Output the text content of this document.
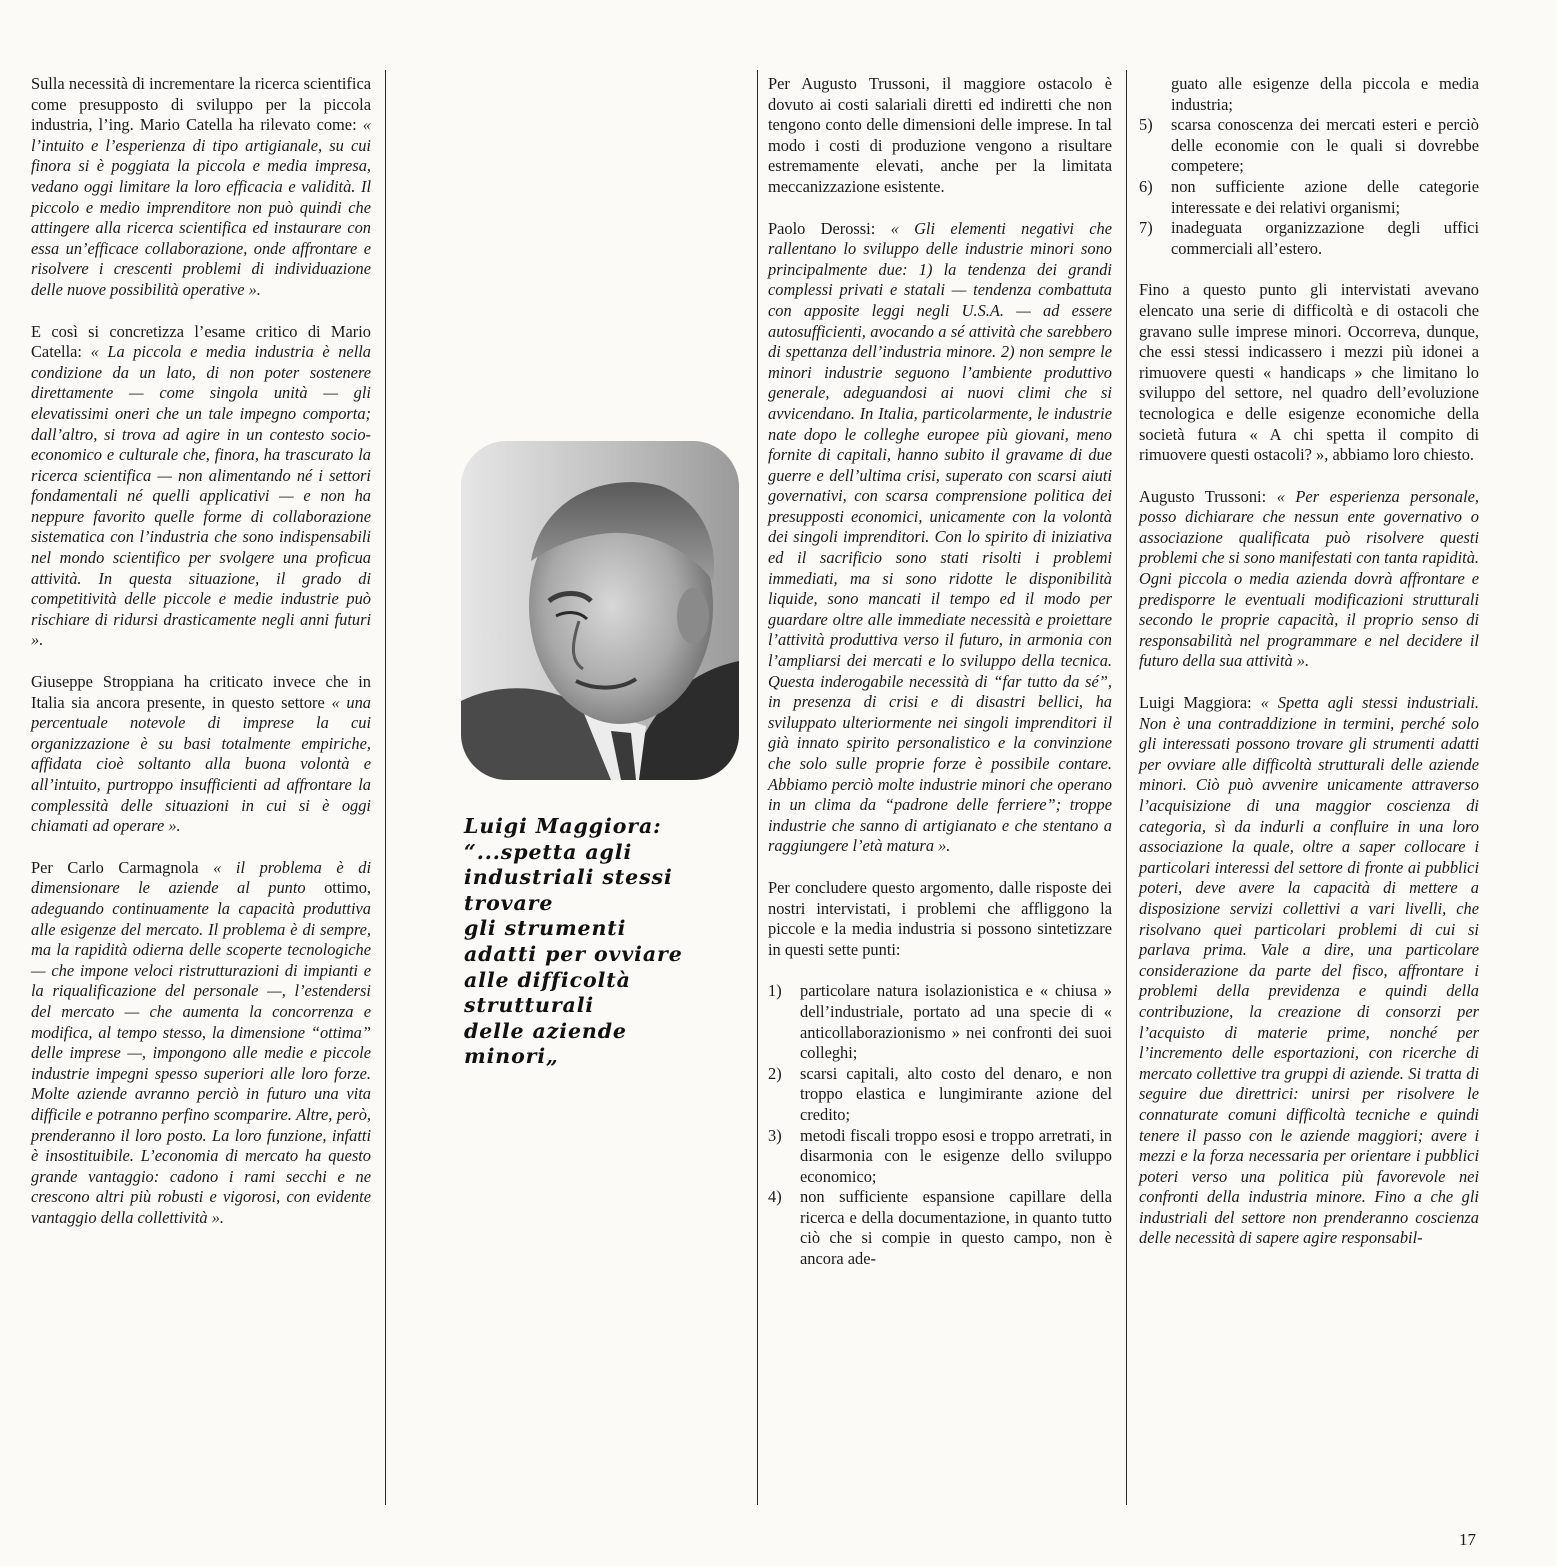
Sulla necessità di incrementare la ricerca scientifica come presupposto di sviluppo per la piccola industria, l’ing. Mario Catella ha rilevato come: « l’intuito e l’esperienza di tipo artigianale, su cui finora si è poggiata la piccola e media impresa, vedano oggi limitare la loro efficacia e validità. Il piccolo e medio imprenditore non può quindi che attingere alla ricerca scientifica ed instaurare con essa un’efficace collaborazione, onde affrontare e risolvere i crescenti problemi di individuazione delle nuove possibilità operative ».

E così si concretizza l’esame critico di Mario Catella: « La piccola e media industria è nella condizione da un lato, di non poter sostenere direttamente — come singola unità — gli elevatissimi oneri che un tale impegno comporta; dall’altro, si trova ad agire in un contesto socio-economico e culturale che, finora, ha trascurato la ricerca scientifica — non alimentando né i settori fondamentali né quelli applicativi — e non ha neppure favorito quelle forme di collaborazione sistematica con l’industria che sono indispensabili nel mondo scientifico per svolgere una proficua attività. In questa situazione, il grado di competitività delle piccole e medie industrie può rischiare di ridursi drasticamente negli anni futuri ».

Giuseppe Stroppiana ha criticato invece che in Italia sia ancora presente, in questo settore « una percentuale notevole di imprese la cui organizzazione è su basi totalmente empiriche, affidata cioè soltanto alla buona volontà e all’intuito, purtroppo insufficienti ad affrontare la complessità delle situazioni in cui si è oggi chiamati ad operare ».

Per Carlo Carmagnola « il problema è di dimensionare le aziende al punto ottimo, adeguando continuamente la capacità produttiva alle esigenze del mercato. Il problema è di sempre, ma la rapidità odierna delle scoperte tecnologiche — che impone veloci ristrutturazioni di impianti e la riqualificazione del personale —, l’estendersi del mercato — che aumenta la concorrenza e modifica, al tempo stesso, la dimensione “ottima” delle imprese —, impongono alle medie e piccole industrie impegni spesso superiori alle loro forze. Molte aziende avranno perciò in futuro una vita difficile e potranno perfino scomparire. Altre, però, prenderanno il loro posto. La loro funzione, infatti è insostituibile. L’economia di mercato ha questo grande vantaggio: cadono i rami secchi e ne crescono altri più robusti e vigorosi, con evidente vantaggio della collettività ».

Luigi Maggiora:
“...spetta agli
industriali stessi
trovare
gli strumenti
adatti per ovviare
alle difficoltà
strutturali
delle aziende
minori„

Per Augusto Trussoni, il maggiore ostacolo è dovuto ai costi salariali diretti ed indiretti che non tengono conto delle dimensioni delle imprese. In tal modo i costi di produzione vengono a risultare estremamente elevati, anche per la limitata meccanizzazione esistente.

Paolo Derossi: « Gli elementi negativi che rallentano lo sviluppo delle industrie minori sono principalmente due: 1) la tendenza dei grandi complessi privati e statali — tendenza combattuta con apposite leggi negli U.S.A. — ad essere autosufficienti, avocando a sé attività che sarebbero di spettanza dell’industria minore. 2) non sempre le minori industrie seguono l’ambiente produttivo generale, adeguandosi ai nuovi climi che si avvicendano. In Italia, particolarmente, le industrie nate dopo le colleghe europee più giovani, meno fornite di capitali, hanno subito il gravame di due guerre e dell’ultima crisi, superato con scarsi aiuti governativi, con scarsa comprensione politica dei presupposti economici, unicamente con la volontà dei singoli imprenditori. Con lo spirito di iniziativa ed il sacrificio sono stati risolti i problemi immediati, ma si sono ridotte le disponibilità liquide, sono mancati il tempo ed il modo per guardare oltre alle immediate necessità e proiettare l’attività produttiva verso il futuro, in armonia con l’ampliarsi dei mercati e lo sviluppo della tecnica. Questa inderogabile necessità di “far tutto da sé”, in presenza di crisi e di disastri bellici, ha sviluppato ulteriormente nei singoli imprenditori il già innato spirito personalistico e la convinzione che solo sulle proprie forze è possibile contare. Abbiamo perciò molte industrie minori che operano in un clima da “padrone delle ferriere”; troppe industrie che sanno di artigianato e che stentano a raggiungere l’età matura ».

Per concludere questo argomento, dalle risposte dei nostri intervistati, i problemi che affliggono la piccole e la media industria si possono sintetizzare in questi sette punti:

1) particolare natura isolazionistica e « chiusa » dell’industriale, portato ad una specie di « anticollaborazionismo » nei confronti dei suoi colleghi;
2) scarsi capitali, alto costo del denaro, e non troppo elastica e lungimirante azione del credito;
3) metodi fiscali troppo esosi e troppo arretrati, in disarmonia con le esigenze dello sviluppo economico;
4) non sufficiente espansione capillare della ricerca e della documentazione, in quanto tutto ciò che si compie in questo campo, non è ancora ade-
guato alle esigenze della piccola e media industria;
5) scarsa conoscenza dei mercati esteri e perciò delle economie con le quali si dovrebbe competere;
6) non sufficiente azione delle categorie interessate e dei relativi organismi;
7) inadeguata organizzazione degli uffici commerciali all’estero.

Fino a questo punto gli intervistati avevano elencato una serie di difficoltà e di ostacoli che gravano sulle imprese minori. Occorreva, dunque, che essi stessi indicassero i mezzi più idonei a rimuovere questi « handicaps » che limitano lo sviluppo del settore, nel quadro dell’evoluzione tecnologica e delle esigenze economiche della società futura « A chi spetta il compito di rimuovere questi ostacoli? », abbiamo loro chiesto.

Augusto Trussoni: « Per esperienza personale, posso dichiarare che nessun ente governativo o associazione qualificata può risolvere questi problemi che si sono manifestati con tanta rapidità. Ogni piccola o media azienda dovrà affrontare e predisporre le eventuali modificazioni strutturali secondo le proprie capacità, il proprio senso di responsabilità nel programmare e nel decidere il futuro della sua attività ».

Luigi Maggiora: « Spetta agli stessi industriali. Non è una contraddizione in termini, perché solo gli interessati possono trovare gli strumenti adatti per ovviare alle difficoltà strutturali delle aziende minori. Ciò può avvenire unicamente attraverso l’acquisizione di una maggior coscienza di categoria, sì da indurli a confluire in una loro associazione la quale, oltre a saper collocare i particolari interessi del settore di fronte ai pubblici poteri, deve avere la capacità di mettere a disposizione servizi collettivi a vari livelli, che risolvano quei particolari problemi di cui si parlava prima. Vale a dire, una particolare considerazione da parte del fisco, affrontare i problemi della previdenza e quindi della contribuzione, la creazione di consorzi per l’acquisto di materie prime, nonché per l’incremento delle esportazioni, con ricerche di mercato collettive tra gruppi di aziende. Si tratta di seguire due direttrici: unirsi per risolvere le connaturate comuni difficoltà tecniche e quindi tenere il passo con le aziende maggiori; avere i mezzi e la forza necessaria per orientare i pubblici poteri verso una politica più favorevole nei confronti della industria minore. Fino a che gli industriali del settore non prenderanno coscienza delle necessità di sapere agire responsabil-

17
